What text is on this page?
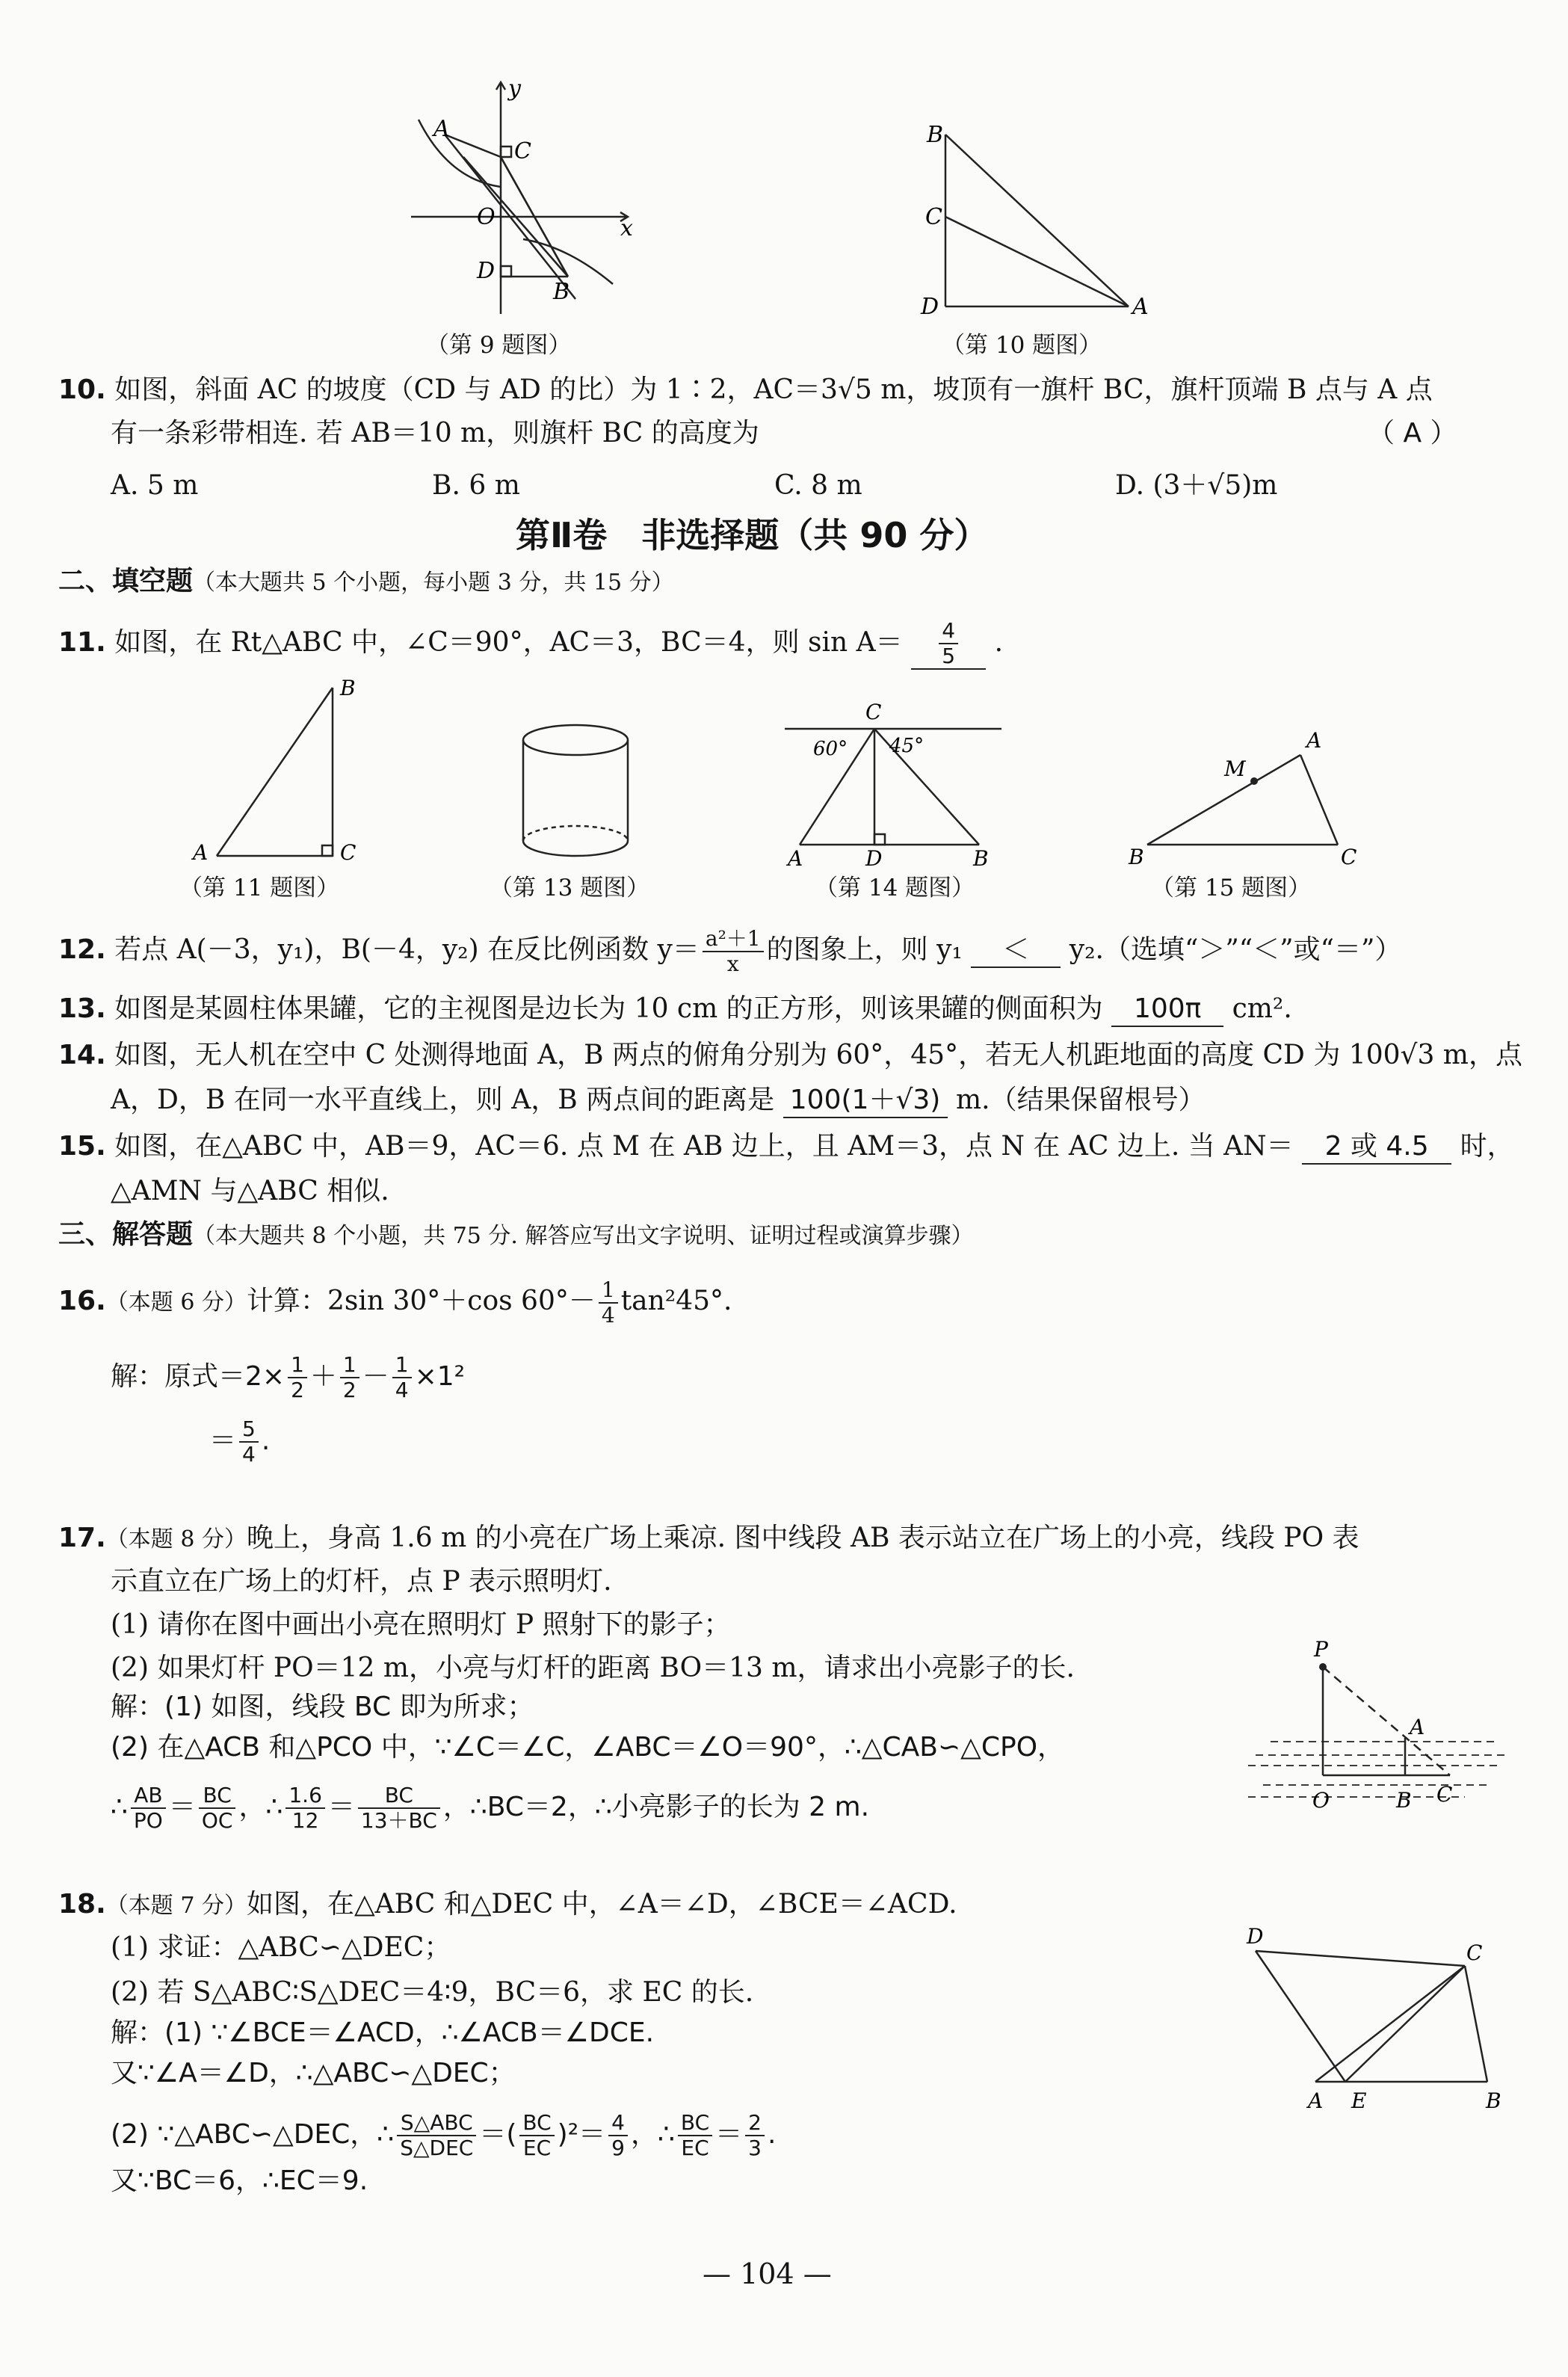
y
x
A
C
O
D
B
（第 9 题图）
B
C
D	A
（第 10 题图）
10. 如图，斜面 AC 的坡度（CD 与 AD 的比）为 1∶2，AC＝3√5 m，坡顶有一旗杆 BC，旗杆顶端 B 点与 A 点
有一条彩带相连. 若 AB＝10 m，则旗杆 BC 的高度为	（ A ）
A. 5 m	B. 6 m	C. 8 m	D. (3＋√5)m
第Ⅱ卷　非选择题（共 90 分）
二、填空题（本大题共 5 个小题，每小题 3 分，共 15 分）
11. 如图，在 Rt△ABC 中，∠C＝90°，AC＝3，BC＝4，则 $\sin A= \frac{4}{5}$ .
B
A	C
（第 11 题图）	（第 13 题图）
C
60° 45°
A	D	B
（第 14 题图）
M
A
B	C
（第 15 题图）
12. 若点 A(－3，y₁)，B(－4，y₂) 在反比例函数 $y= \frac{\text{a²＋1}}{x}$ 的图象上，则 y₁ ＜ y₂.（选填“＞”“＜”或“＝”）
13. 如图是某圆柱体果罐，它的主视图是边长为 10 cm 的正方形，则该果罐的侧面积为 100π cm².
14. 如图，无人机在空中 C 处测得地面 A，B 两点的俯角分别为 60°，45°，若无人机距地面的高度 CD 为 100√3 m，点
A，D，B 在同一水平直线上，则 A，B 两点间的距离是 100(1＋√3) m.（结果保留根号）
15. 如图，在△ABC 中，AB＝9，AC＝6. 点 M 在 AB 边上，且 AM＝3，点 N 在 AC 边上. 当 AN＝ 2 或 4.5 时，
△AMN 与△ABC 相似.
三、解答题（本大题共 8 个小题，共 75 分. 解答应写出文字说明、证明过程或演算步骤）
16.（本题 6 分）计算：2sin 30°＋cos $60^\circ- \frac{1}{4} \tan^245^\circ$.
解：原式$=2\times \frac{1}{2} + \frac{1}{2} - \frac{1}{4} \times 1^2$
＝ $\frac{5}{4}$ .
17.（本题 8 分）晚上，身高 1.6 m 的小亮在广场上乘凉. 图中线段 AB 表示站立在广场上的小亮，线段 PO 表
示直立在广场上的灯杆，点 P 表示照明灯.
(1) 请你在图中画出小亮在照明灯 P 照射下的影子；
(2) 如果灯杆 PO＝12 m，小亮与灯杆的距离 BO＝13 m，请求出小亮影子的长.
解：(1) 如图，线段 BC 即为所求；
(2) 在△ACB 和△PCO 中，∵∠C＝∠C，∠ABC＝∠O＝90°，∴△CAB∽△CPO，
∴ $\frac{AB}{PO} = \frac{BC}{OC}$ ，∴ $\frac{1.6}{12} = \frac{BC}{13+BC}$ ，∴BC＝2，∴小亮影子的长为 2 m.
P
A
O	B C
18.（本题 7 分）如图，在△ABC 和△DEC 中，∠A＝∠D，∠BCE＝∠ACD.
(1) 求证：△ABC∽△DEC；
(2) 若 S△ABC∶S△DEC＝4∶9，BC＝6，求 EC 的长.
解：(1) ∵∠BCE＝∠ACD，∴∠ACB＝∠DCE.
又∵∠A＝∠D，∴△ABC∽△DEC；
(2) ∵△ABC∽△DEC，∴ $\frac{\text{S△ABC}}{\text{S△DEC}}$ ＝( $\frac{BC}{EC} )^2= \frac{4}{9}$ ，∴ $\frac{BC}{EC} = \frac{2}{3}$ .
又∵BC＝6，∴EC＝9.
D
C
A E	B
— 104 —
